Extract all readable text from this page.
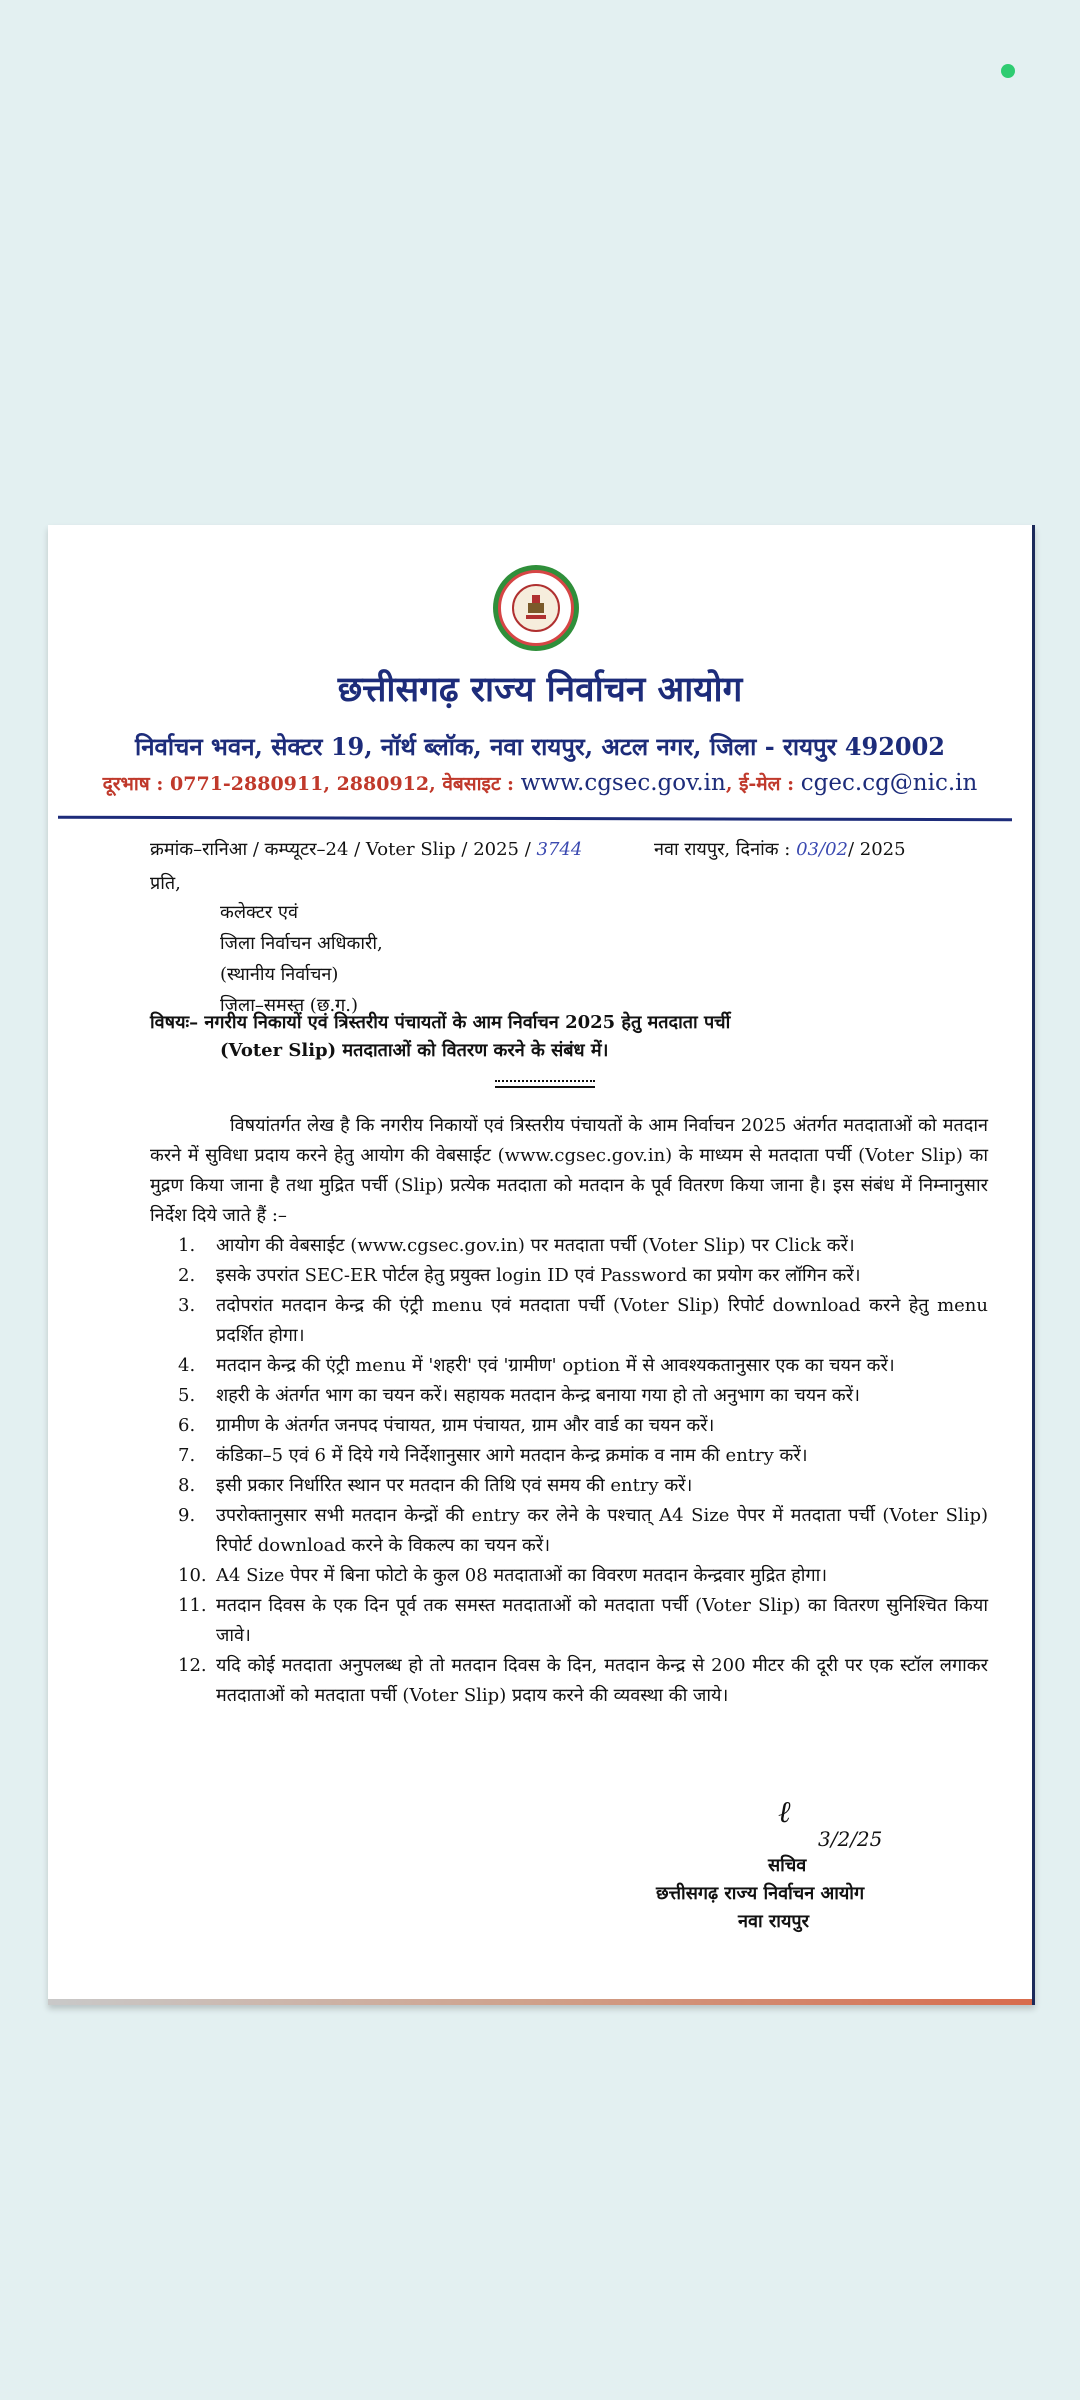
छत्तीसगढ़ राज्य निर्वाचन आयोग
निर्वाचन भवन, सेक्टर 19, नॉर्थ ब्लॉक, नवा रायपुर, अटल नगर, जिला - रायपुर 492002
दूरभाष : 0771-2880911, 2880912, वेबसाइट : www.cgsec.gov.in, ई-मेल : cgec.cg@nic.in
क्रमांक–रानिआ / कम्प्यूटर–24 / Voter Slip / 2025 / 3744	नवा रायपुर, दिनांक : 03/02/ 2025
प्रति,
कलेक्टर एवं
जिला निर्वाचन अधिकारी,
(स्थानीय निर्वाचन)
जिला–समस्त (छ.ग.)
विषयः– नगरीय निकायों एवं त्रिस्तरीय पंचायतों के आम निर्वाचन 2025 हेतु मतदाता पर्ची
(Voter Slip) मतदाताओं को वितरण करने के संबंध में।
विषयांतर्गत लेख है कि नगरीय निकायों एवं त्रिस्तरीय पंचायतों के आम निर्वाचन 2025 अंतर्गत मतदाताओं को मतदान करने में सुविधा प्रदाय करने हेतु आयोग की वेबसाईट (www.cgsec.gov.in) के माध्यम से मतदाता पर्ची (Voter Slip) का मुद्रण किया जाना है तथा मुद्रित पर्ची (Slip) प्रत्येक मतदाता को मतदान के पूर्व वितरण किया जाना है। इस संबंध में निम्नानुसार निर्देश दिये जाते हैं :–
1.	आयोग की वेबसाईट (www.cgsec.gov.in) पर मतदाता पर्ची (Voter Slip) पर Click करें।
2.	इसके उपरांत SEC-ER पोर्टल हेतु प्रयुक्त login ID एवं Password का प्रयोग कर लॉगिन करें।
3.	तदोपरांत मतदान केन्द्र की एंट्री menu एवं मतदाता पर्ची (Voter Slip) रिपोर्ट download करने हेतु menu प्रदर्शित होगा।
4.	मतदान केन्द्र की एंट्री menu में 'शहरी' एवं 'ग्रामीण' option में से आवश्यकतानुसार एक का चयन करें।
5.	शहरी के अंतर्गत भाग का चयन करें। सहायक मतदान केन्द्र बनाया गया हो तो अनुभाग का चयन करें।
6.	ग्रामीण के अंतर्गत जनपद पंचायत, ग्राम पंचायत, ग्राम और वार्ड का चयन करें।
7.	कंडिका–5 एवं 6 में दिये गये निर्देशानुसार आगे मतदान केन्द्र क्रमांक व नाम की entry करें।
8.	इसी प्रकार निर्धारित स्थान पर मतदान की तिथि एवं समय की entry करें।
9.	उपरोक्तानुसार सभी मतदान केन्द्रों की entry कर लेने के पश्चात् A4 Size पेपर में मतदाता पर्ची (Voter Slip) रिपोर्ट download करने के विकल्प का चयन करें।
10. A4 Size पेपर में बिना फोटो के कुल 08 मतदाताओं का विवरण मतदान केन्द्रवार मुद्रित होगा।
11. मतदान दिवस के एक दिन पूर्व तक समस्त मतदाताओं को मतदाता पर्ची (Voter Slip) का वितरण सुनिश्चित किया जावे।
12. यदि कोई मतदाता अनुपलब्ध हो तो मतदान दिवस के दिन, मतदान केन्द्र से 200 मीटर की दूरी पर एक स्टॉल लगाकर मतदाताओं को मतदाता पर्ची (Voter Slip) प्रदाय करने की व्यवस्था की जाये।
ℓ
3/2/25
सचिव
छत्तीसगढ़ राज्य निर्वाचन आयोग
नवा रायपुर
